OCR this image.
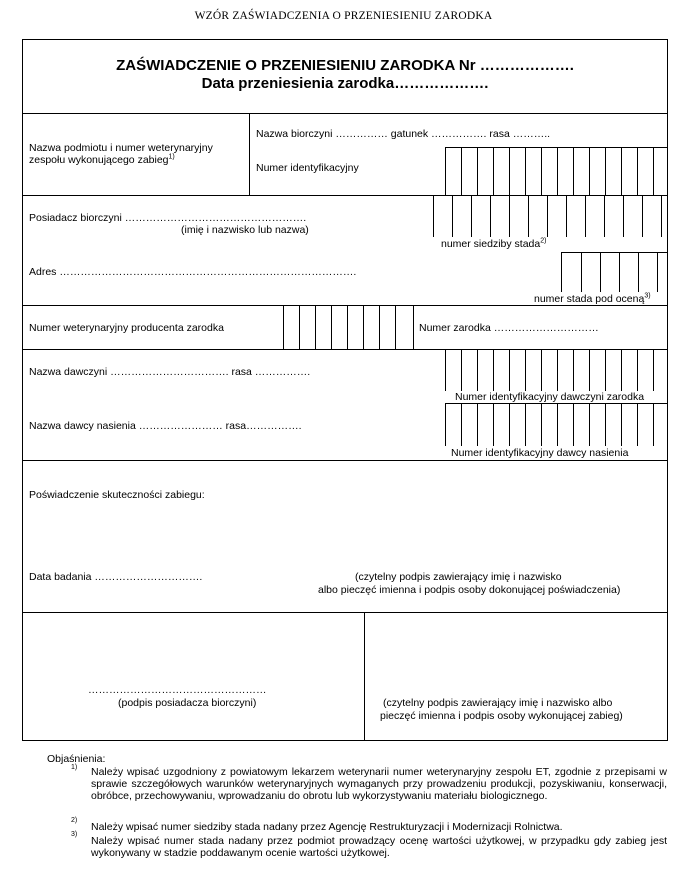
WZÓR ZAŚWIADCZENIA O PRZENIESIENIU ZARODKA
ZAŚWIADCZENIE O PRZENIESIENIU ZARODKA Nr ……………….
Data przeniesienia zarodka……………….
Nazwa podmiotu i numer weterynaryjny zespołu wykonującego zabieg$^{1)}$
Nazwa biorczyni …………… gatunek ……………. rasa ………..
Numer identyfikacyjny
Posiadacz biorczyni …………………………………………….
(imię i nazwisko lub nazwa)
numer siedziby stada$^{2)}$
Adres ………………………………………………………………………….
numer stada pod oceną$^{3)}$
Numer weterynaryjny producenta zarodka	Numer zarodka …………………………
Nazwa dawczyni ……………………………. rasa …………….
Numer identyfikacyjny dawczyni zarodka
Nazwa dawcy nasienia …………………… rasa…………….
Numer identyfikacyjny dawcy nasienia
Poświadczenie skuteczności zabiegu:
Data badania ………………………….	(czytelny podpis zawierający imię i nazwisko
albo pieczęć imienna i podpis osoby dokonującej poświadczenia)
……………………………………………
(podpis posiadacza biorczyni)	(czytelny podpis zawierający imię i nazwisko albo
pieczęć imienna i podpis osoby wykonującej zabieg)
Objaśnienia:
1) Należy wpisać uzgodniony z powiatowym lekarzem weterynarii numer weterynaryjny zespołu ET, zgodnie z przepisami w sprawie szczegółowych warunków weterynaryjnych wymaganych przy prowadzeniu produkcji, pozyskiwaniu, konserwacji, obróbce, przechowywaniu, wprowadzaniu do obrotu lub wykorzystywaniu materiału biologicznego.
2)
Należy wpisać numer siedziby stada nadany przez Agencję Restrukturyzacji i Modernizacji Rolnictwa.
3)
Należy wpisać numer stada nadany przez podmiot prowadzący ocenę wartości użytkowej, w przypadku gdy zabieg jest wykonywany w stadzie poddawanym ocenie wartości użytkowej.
